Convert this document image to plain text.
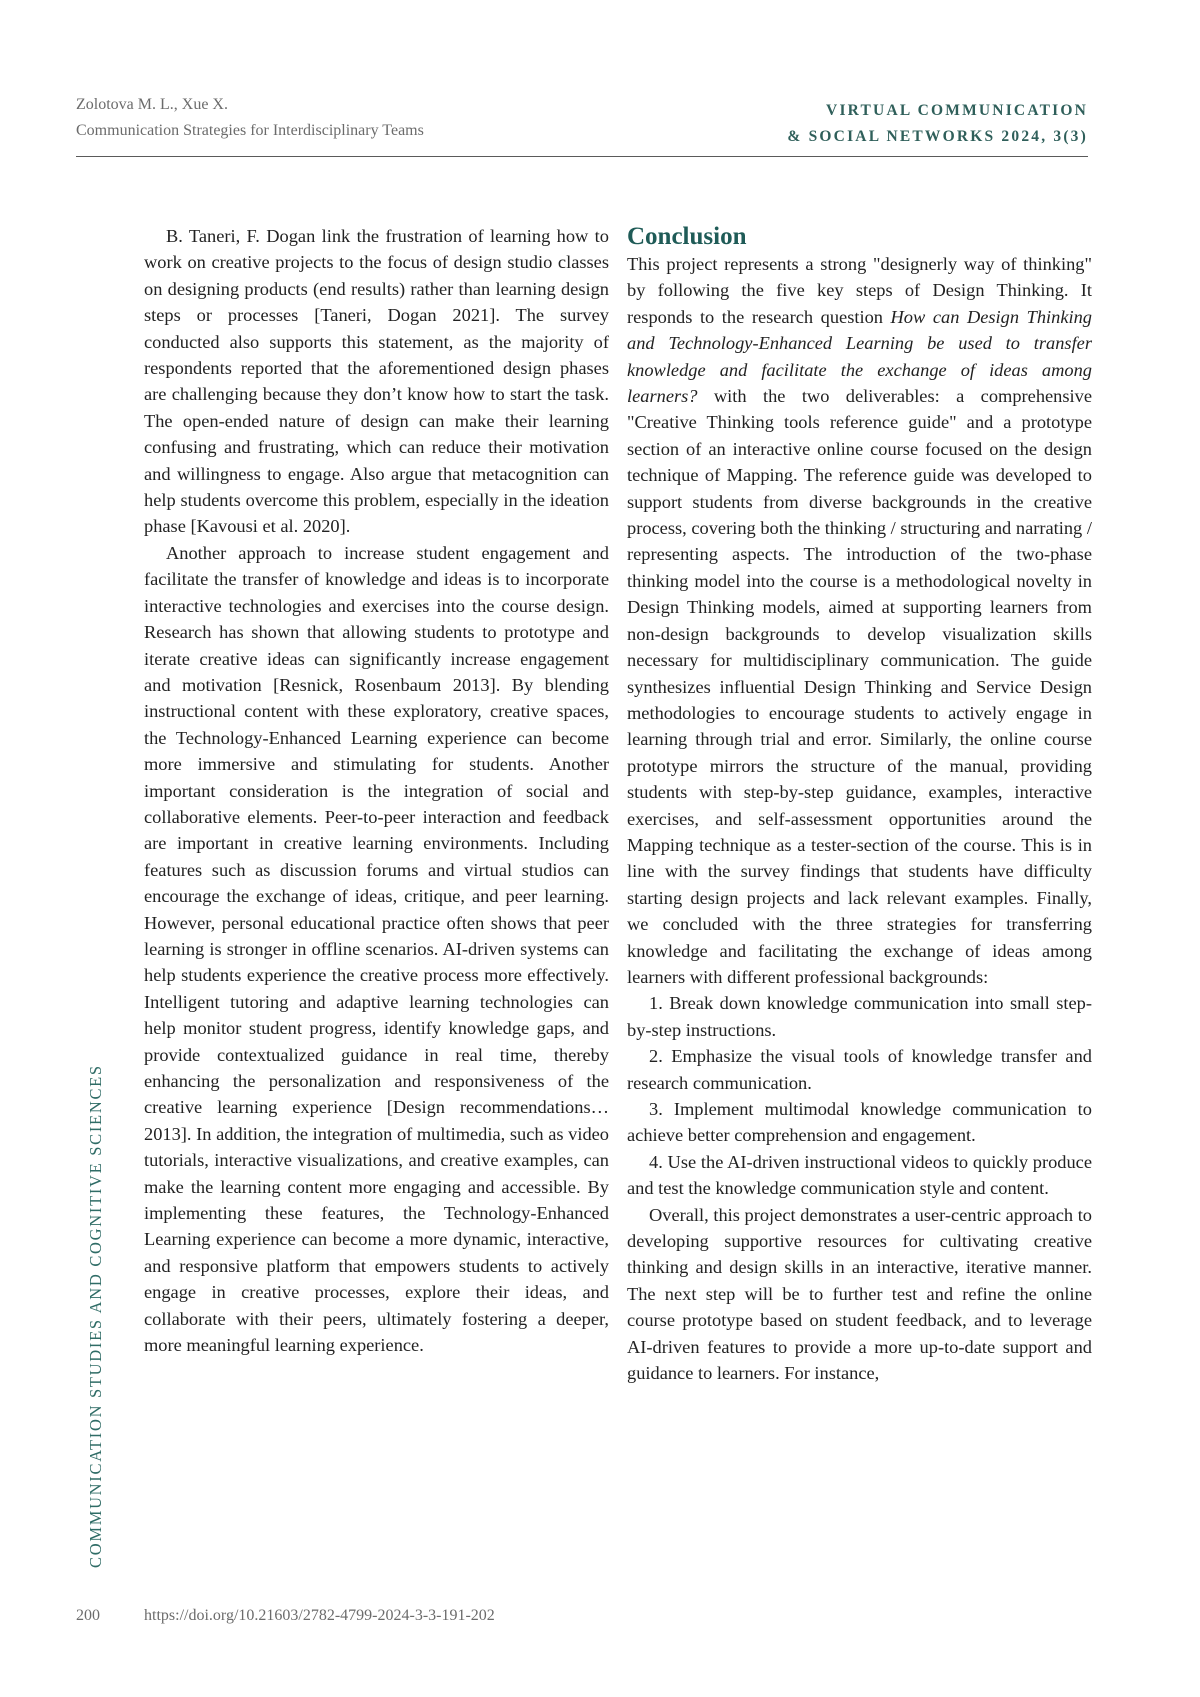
Zolotova M. L., Xue X.
Communication Strategies for Interdisciplinary Teams
VIRTUAL COMMUNICATION
& SOCIAL NETWORKS 2024, 3(3)
COMMUNICATION STUDIES AND COGNITIVE SCIENCES

B. Taneri, F. Dogan link the frustration of learning how to work on creative projects to the focus of design studio classes on designing products (end results) rather than learning design steps or processes [Taneri, Dogan 2021]. The survey conducted also supports this statement, as the majority of respondents reported that the aforementioned design phases are challenging because they don’t know how to start the task. The open-ended nature of design can make their learning confusing and frustrating, which can reduce their motivation and willingness to engage. Also argue that metacognition can help students overcome this problem, especially in the ideation phase [Kavousi et al. 2020].

Another approach to increase student engagement and facilitate the transfer of knowledge and ideas is to incorporate interactive technologies and exercises into the course design. Research has shown that allowing students to prototype and iterate creative ideas can significantly increase engagement and motivation [Resnick, Rosenbaum 2013]. By blending instructional content with these exploratory, creative spaces, the Technology-Enhanced Learning experience can become more immersive and stimulating for students. Another important consideration is the integration of social and collaborative elements. Peer-to-peer interaction and feedback are important in creative learning environments. Including features such as discussion forums and virtual studios can encourage the exchange of ideas, critique, and peer learning. However, personal educational practice often shows that peer learning is stronger in offline scenarios. AI-driven systems can help students experience the creative process more effectively. Intelligent tutoring and adaptive learning technologies can help monitor student progress, identify knowledge gaps, and provide contextualized guidance in real time, thereby enhancing the personalization and responsiveness of the creative learning experience [Design recommendations… 2013]. In addition, the integration of multimedia, such as video tutorials, interactive visualizations, and creative examples, can make the learning content more engaging and accessible. By implementing these features, the Technology-Enhanced Learning experience can become a more dynamic, interactive, and responsive platform that empowers students to actively engage in creative processes, explore their ideas, and collaborate with their peers, ultimately fostering a deeper, more meaningful learning experience.

Conclusion

This project represents a strong "designerly way of thinking" by following the five key steps of Design Thinking. It responds to the research question How can Design Thinking and Technology-Enhanced Learning be used to transfer knowledge and facilitate the exchange of ideas among learners? with the two deliverables: a comprehensive "Creative Thinking tools reference guide" and a prototype section of an interactive online course focused on the design technique of Mapping. The reference guide was developed to support students from diverse backgrounds in the creative process, covering both the thinking / structuring and narrating / representing aspects. The introduction of the two-phase thinking model into the course is a methodological novelty in Design Thinking models, aimed at supporting learners from non-design backgrounds to develop visualization skills necessary for multidisciplinary communication. The guide synthesizes influential Design Thinking and Service Design methodologies to encourage students to actively engage in learning through trial and error. Similarly, the online course prototype mirrors the structure of the manual, providing students with step-by-step guidance, examples, interactive exercises, and self-assessment opportunities around the Mapping technique as a tester-section of the course. This is in line with the survey findings that students have difficulty starting design projects and lack relevant examples. Finally, we concluded with the three strategies for transferring knowledge and facilitating the exchange of ideas among learners with different professional backgrounds:

1. Break down knowledge communication into small step-by-step instructions.

2. Emphasize the visual tools of knowledge transfer and research communication.

3. Implement multimodal knowledge communication to achieve better comprehension and engagement.

4. Use the AI-driven instructional videos to quickly produce and test the knowledge communication style and content.

Overall, this project demonstrates a user-centric approach to developing supportive resources for cultivating creative thinking and design skills in an interactive, iterative manner. The next step will be to further test and refine the online course prototype based on student feedback, and to leverage AI-driven features to provide a more up-to-date support and guidance to learners. For instance,

200	https://doi.org/10.21603/2782-4799-2024-3-3-191-202
